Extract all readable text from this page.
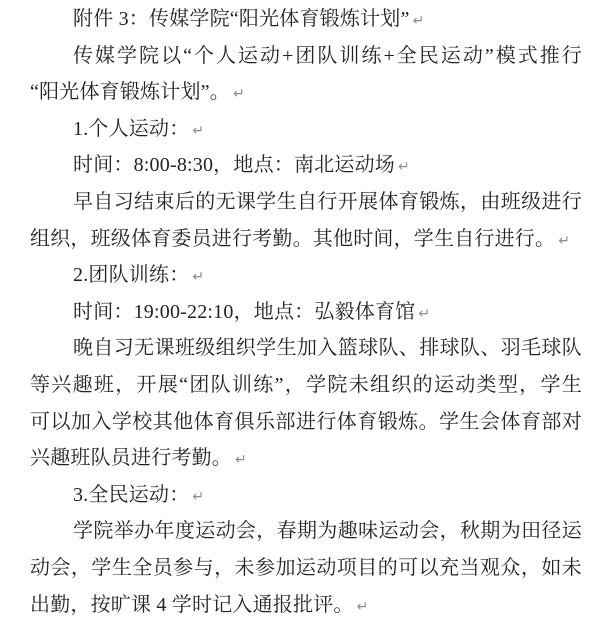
附件 3：传媒学院“阳光体育锻炼计划” ↵
传媒学院以“个人运动+团队训练+全民运动”模式推行
“阳光体育锻炼计划”。 ↵
1.个人运动： ↵
时间：8:00-8:30，地点：南北运动场 ↵
早自习结束后的无课学生自行开展体育锻炼，由班级进行
组织，班级体育委员进行考勤。其他时间，学生自行进行。 ↵
2.团队训练： ↵
时间：19:00-22:10，地点：弘毅体育馆 ↵
晚自习无课班级组织学生加入篮球队、排球队、羽毛球队
等兴趣班，开展“团队训练”，学院未组织的运动类型，学生
可以加入学校其他体育俱乐部进行体育锻炼。学生会体育部对
兴趣班队员进行考勤。 ↵
3.全民运动： ↵
学院举办年度运动会，春期为趣味运动会，秋期为田径运
动会，学生全员参与，未参加运动项目的可以充当观众，如未
出勤，按旷课 4 学时记入通报批评。 ↵
